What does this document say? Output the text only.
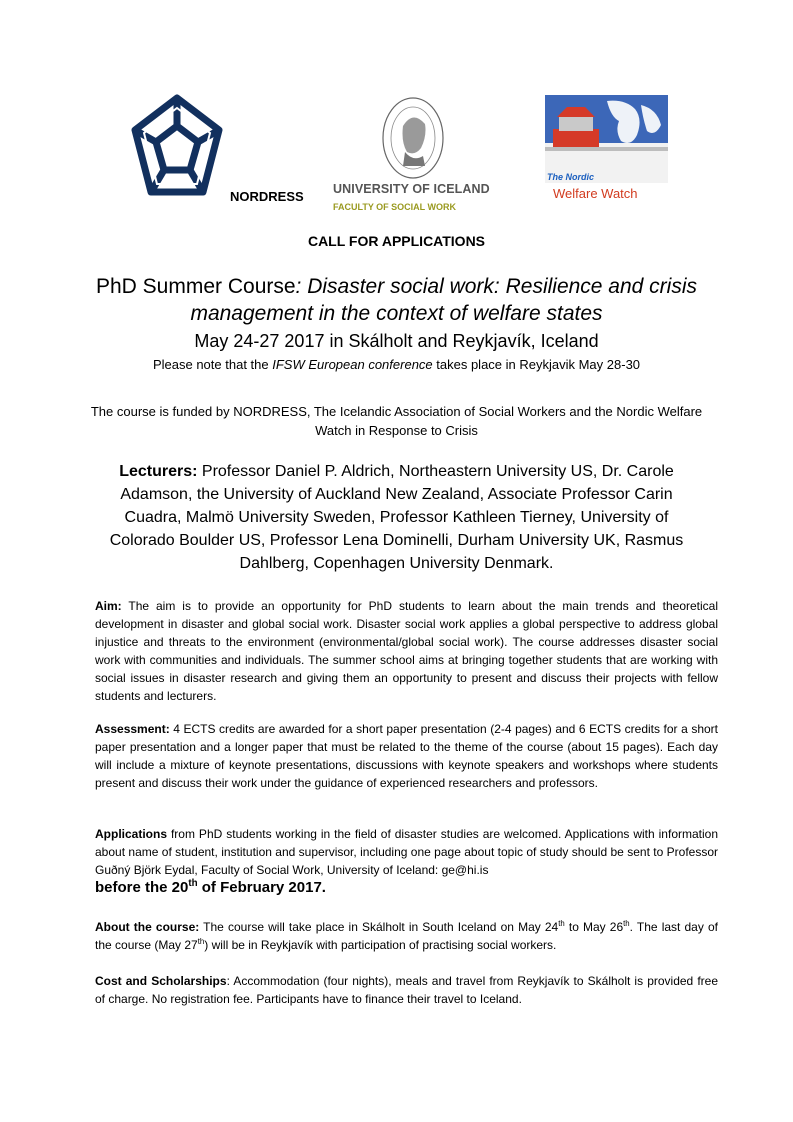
NORDRESS UNIVERSITY OF ICELAND
FACULTY OF SOCIAL WORK
The Nordic
Welfare Watch
CALL FOR APPLICATIONS
PhD Summer Course: Disaster social work: Resilience and crisis management in the context of welfare states
May 24-27 2017 in Skálholt and Reykjavík, Iceland
Please note that the IFSW European conference takes place in Reykjavik May 28-30
The course is funded by NORDRESS, The Icelandic Association of Social Workers and the Nordic Welfare Watch in Response to Crisis
Lecturers: Professor Daniel P. Aldrich, Northeastern University US, Dr. Carole Adamson, the University of Auckland New Zealand, Associate Professor Carin Cuadra, Malmö University Sweden, Professor Kathleen Tierney, University of Colorado Boulder US, Professor Lena Dominelli, Durham University UK, Rasmus Dahlberg, Copenhagen University Denmark.
Aim: The aim is to provide an opportunity for PhD students to learn about the main trends and theoretical development in disaster and global social work. Disaster social work applies a global perspective to address global injustice and threats to the environment (environmental/global social work). The course addresses disaster social work with communities and individuals. The summer school aims at bringing together students that are working with social issues in disaster research and giving them an opportunity to present and discuss their projects with fellow students and lecturers.
Assessment: 4 ECTS credits are awarded for a short paper presentation (2-4 pages) and 6 ECTS credits for a short paper presentation and a longer paper that must be related to the theme of the course (about 15 pages). Each day will include a mixture of keynote presentations, discussions with keynote speakers and workshops where students present and discuss their work under the guidance of experienced researchers and professors.
Applications from PhD students working in the field of disaster studies are welcomed. Applications with information about name of student, institution and supervisor, including one page about topic of study should be sent to Professor Guðný Björk Eydal, Faculty of Social Work, University of Iceland: ge@hi.is
before the 20th of February 2017.
About the course: The course will take place in Skálholt in South Iceland on May 24th to May 26th. The last day of the course (May 27th) will be in Reykjavík with participation of practising social workers.
Cost and Scholarships: Accommodation (four nights), meals and travel from Reykjavík to Skálholt is provided free of charge. No registration fee. Participants have to finance their travel to Iceland.
